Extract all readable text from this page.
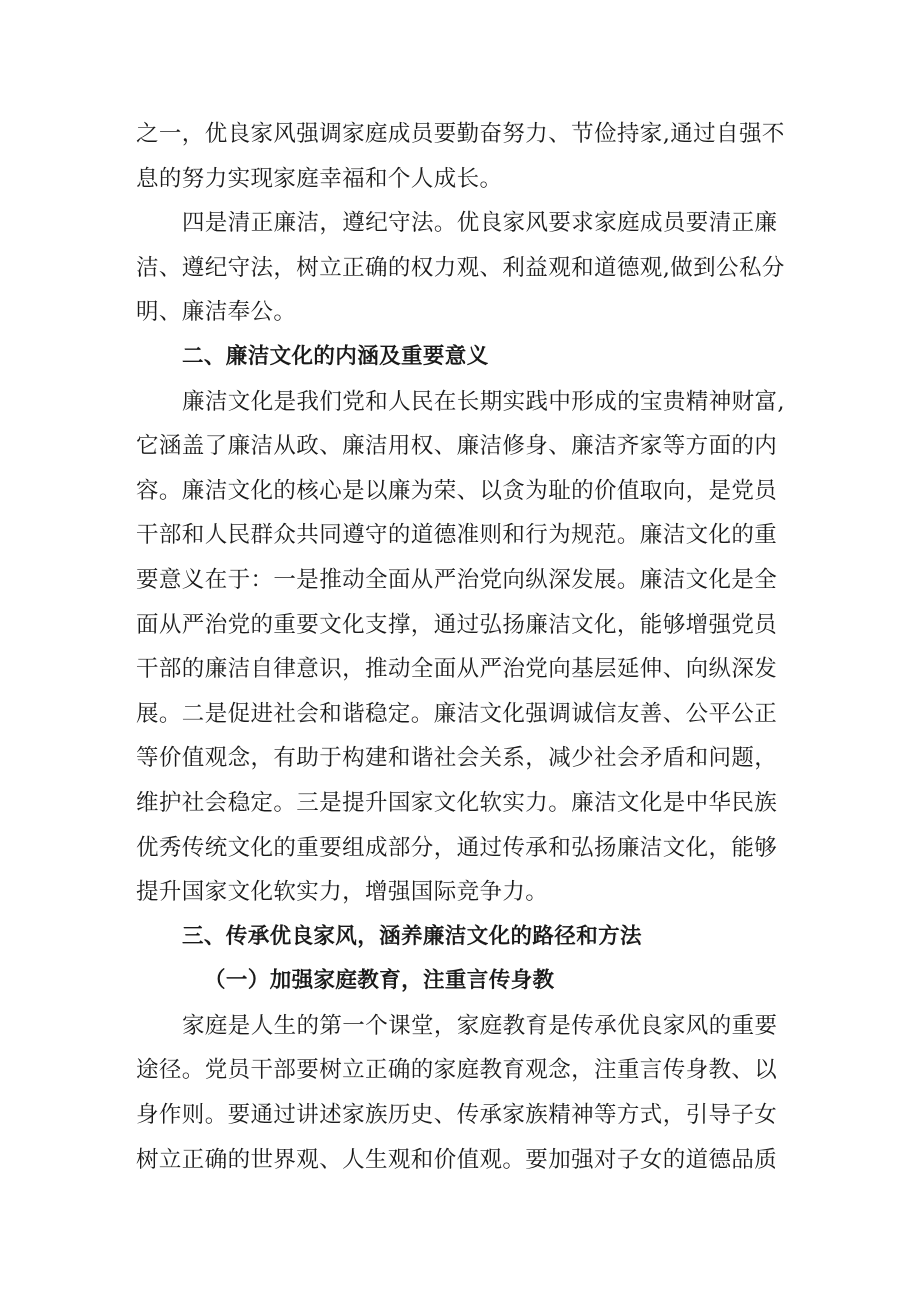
之一，优良家风强调家庭成员要勤奋努力、节俭持家,通过自强不
息的努力实现家庭幸福和个人成长。
四是清正廉洁，遵纪守法。优良家风要求家庭成员要清正廉
洁、遵纪守法，树立正确的权力观、利益观和道德观,做到公私分
明、廉洁奉公。
二、廉洁文化的内涵及重要意义
廉洁文化是我们党和人民在长期实践中形成的宝贵精神财富,
它涵盖了廉洁从政、廉洁用权、廉洁修身、廉洁齐家等方面的内
容。廉洁文化的核心是以廉为荣、以贪为耻的价值取向，是党员
干部和人民群众共同遵守的道德准则和行为规范。廉洁文化的重
要意义在于：一是推动全面从严治党向纵深发展。廉洁文化是全
面从严治党的重要文化支撑，通过弘扬廉洁文化，能够增强党员
干部的廉洁自律意识，推动全面从严治党向基层延伸、向纵深发
展。二是促进社会和谐稳定。廉洁文化强调诚信友善、公平公正
等价值观念，有助于构建和谐社会关系，减少社会矛盾和问题，
维护社会稳定。三是提升国家文化软实力。廉洁文化是中华民族
优秀传统文化的重要组成部分，通过传承和弘扬廉洁文化，能够
提升国家文化软实力，增强国际竞争力。
三、传承优良家风，涵养廉洁文化的路径和方法
（一）加强家庭教育，注重言传身教
家庭是人生的第一个课堂，家庭教育是传承优良家风的重要
途径。党员干部要树立正确的家庭教育观念，注重言传身教、以
身作则。要通过讲述家族历史、传承家族精神等方式，引导子女
树立正确的世界观、人生观和价值观。要加强对子女的道德品质
